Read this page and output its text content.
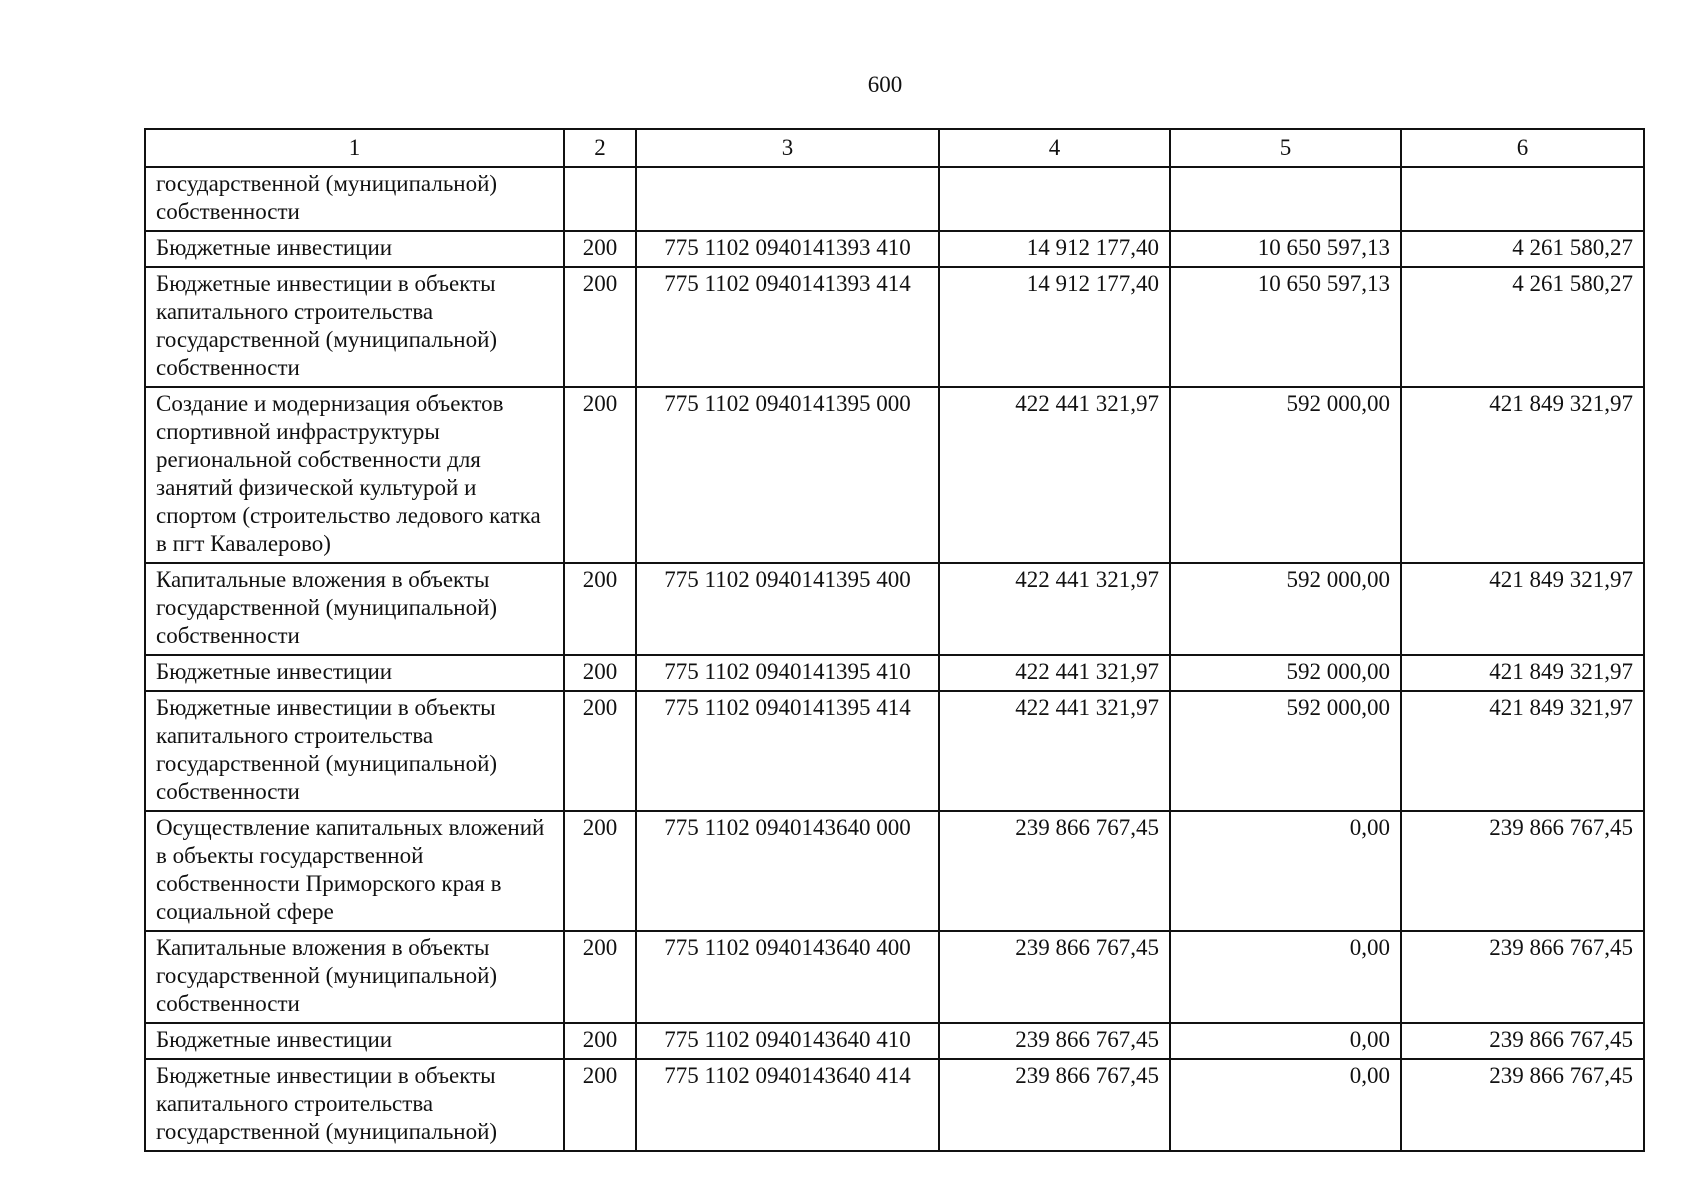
600
1	2	3	4	5	6
государственной (муниципальной) собственности					
Бюджетные инвестиции	200	775 1102 0940141393 410	14 912 177,40	10 650 597,13	4 261 580,27
Бюджетные инвестиции в объекты капитального строительства государственной (муниципальной) собственности	200	775 1102 0940141393 414	14 912 177,40	10 650 597,13	4 261 580,27
Создание и модернизация объектов спортивной инфраструктуры региональной собственности для занятий физической культурой и спортом (строительство ледового катка в пгт Кавалерово)	200	775 1102 0940141395 000	422 441 321,97	592 000,00	421 849 321,97
Капитальные вложения в объекты государственной (муниципальной) собственности	200	775 1102 0940141395 400	422 441 321,97	592 000,00	421 849 321,97
Бюджетные инвестиции	200	775 1102 0940141395 410	422 441 321,97	592 000,00	421 849 321,97
Бюджетные инвестиции в объекты капитального строительства государственной (муниципальной) собственности	200	775 1102 0940141395 414	422 441 321,97	592 000,00	421 849 321,97
Осуществление капитальных вложений в объекты государственной собственности Приморского края в социальной сфере	200	775 1102 0940143640 000	239 866 767,45	0,00	239 866 767,45
Капитальные вложения в объекты государственной (муниципальной) собственности	200	775 1102 0940143640 400	239 866 767,45	0,00	239 866 767,45
Бюджетные инвестиции	200	775 1102 0940143640 410	239 866 767,45	0,00	239 866 767,45
Бюджетные инвестиции в объекты капитального строительства государственной (муниципальной)	200	775 1102 0940143640 414	239 866 767,45	0,00	239 866 767,45
